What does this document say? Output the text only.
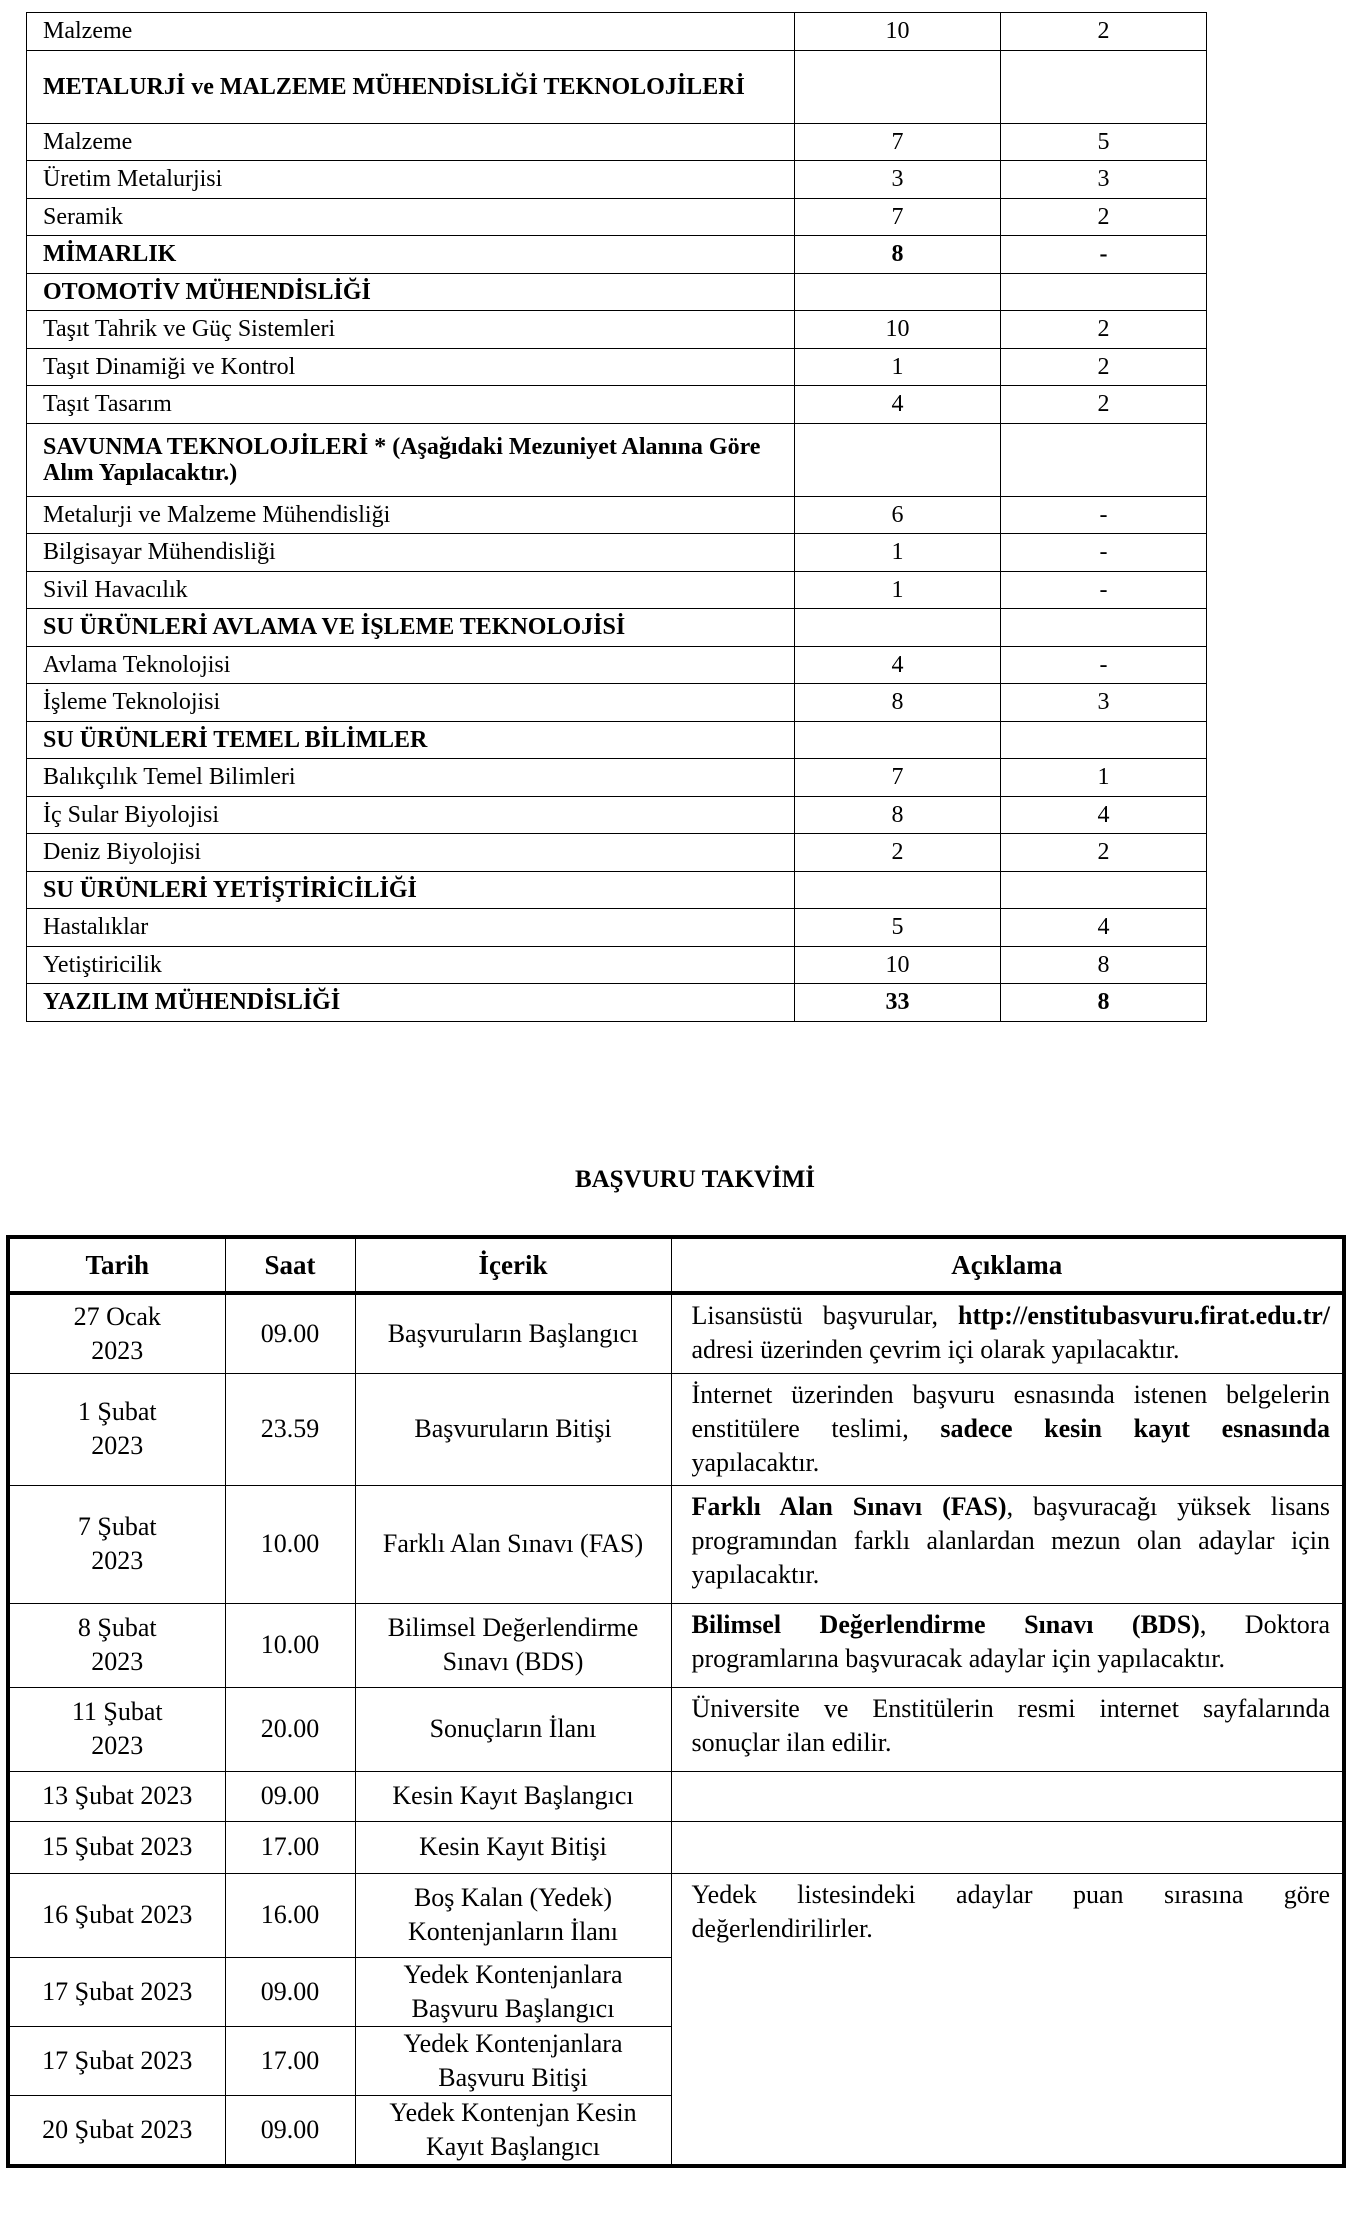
Malzeme	10	2
METALURJİ ve MALZEME MÜHENDİSLİĞİ TEKNOLOJİLERİ		
Malzeme	7	5
Üretim Metalurjisi	3	3
Seramik	7	2
MİMARLIK	8	-
OTOMOTİV MÜHENDİSLİĞİ		
Taşıt Tahrik ve Güç Sistemleri	10	2
Taşıt Dinamiği ve Kontrol	1	2
Taşıt Tasarım	4	2
SAVUNMA TEKNOLOJİLERİ * (Aşağıdaki Mezuniyet Alanına Göre Alım Yapılacaktır.)		
Metalurji ve Malzeme Mühendisliği	6	-
Bilgisayar Mühendisliği	1	-
Sivil Havacılık	1	-
SU ÜRÜNLERİ AVLAMA VE İŞLEME TEKNOLOJİSİ		
Avlama Teknolojisi	4	-
İşleme Teknolojisi	8	3
SU ÜRÜNLERİ TEMEL BİLİMLER		
Balıkçılık Temel Bilimleri	7	1
İç Sular Biyolojisi	8	4
Deniz Biyolojisi	2	2
SU ÜRÜNLERİ YETİŞTİRİCİLİĞİ		
Hastalıklar	5	4
Yetiştiricilik	10	8
YAZILIM MÜHENDİSLİĞİ	33	8
BAŞVURU TAKVİMİ
Tarih	Saat	İçerik	Açıklama
27 Ocak 2023	09.00	Başvuruların Başlangıcı	Lisansüstü başvurular, http://enstitubasvuru.firat.edu.tr/ adresi üzerinden çevrim içi olarak yapılacaktır.
1 Şubat 2023	23.59	Başvuruların Bitişi	İnternet üzerinden başvuru esnasında istenen belgelerin enstitülere teslimi, sadece kesin kayıt esnasında yapılacaktır.
7 Şubat 2023	10.00	Farklı Alan Sınavı (FAS)	Farklı Alan Sınavı (FAS), başvuracağı yüksek lisans programından farklı alanlardan mezun olan adaylar için yapılacaktır.
8 Şubat 2023	10.00	Bilimsel Değerlendirme Sınavı (BDS)	Bilimsel Değerlendirme Sınavı (BDS), Doktora programlarına başvuracak adaylar için yapılacaktır.
11 Şubat 2023	20.00	Sonuçların İlanı	Üniversite ve Enstitülerin resmi internet sayfalarında sonuçlar ilan edilir.
13 Şubat 2023	09.00	Kesin Kayıt Başlangıcı	
15 Şubat 2023	17.00	Kesin Kayıt Bitişi	
16 Şubat 2023	16.00	Boş Kalan (Yedek) Kontenjanların İlanı	Yedek listesindeki adaylar puan sırasına göre değerlendirilirler.
17 Şubat 2023	09.00	Yedek Kontenjanlara Başvuru Başlangıcı	
17 Şubat 2023	17.00	Yedek Kontenjanlara Başvuru Bitişi	
20 Şubat 2023	09.00	Yedek Kontenjan Kesin Kayıt Başlangıcı	
